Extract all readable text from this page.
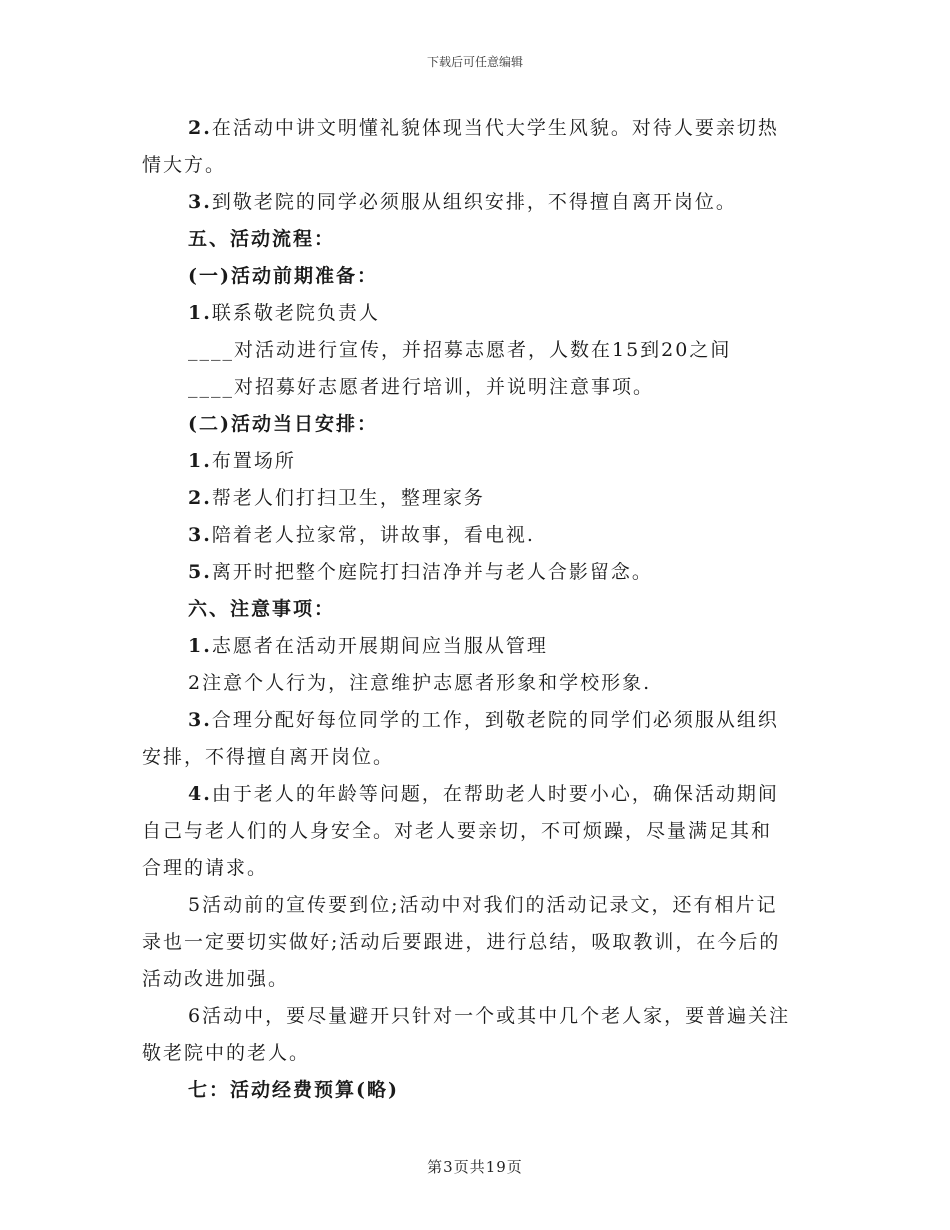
下载后可任意编辑
2.在活动中讲文明懂礼貌体现当代大学生风貌。对待人要亲切热
情大方。
3.到敬老院的同学必须服从组织安排，不得擅自离开岗位。
五、活动流程：
(一)活动前期准备：
1.联系敬老院负责人
____对活动进行宣传，并招募志愿者，人数在15到20之间
____对招募好志愿者进行培训，并说明注意事项。
(二)活动当日安排：
1.布置场所
2.帮老人们打扫卫生，整理家务
3.陪着老人拉家常，讲故事，看电视.
5.离开时把整个庭院打扫洁净并与老人合影留念。
六、注意事项：
1.志愿者在活动开展期间应当服从管理
2注意个人行为，注意维护志愿者形象和学校形象.
3.合理分配好每位同学的工作，到敬老院的同学们必须服从组织
安排，不得擅自离开岗位。
4.由于老人的年龄等问题，在帮助老人时要小心，确保活动期间
自己与老人们的人身安全。对老人要亲切，不可烦躁，尽量满足其和
合理的请求。
5活动前的宣传要到位;活动中对我们的活动记录文，还有相片记
录也一定要切实做好;活动后要跟进，进行总结，吸取教训，在今后的
活动改进加强。
6活动中，要尽量避开只针对一个或其中几个老人家，要普遍关注
敬老院中的老人。
七：活动经费预算(略)
第3页共19页
